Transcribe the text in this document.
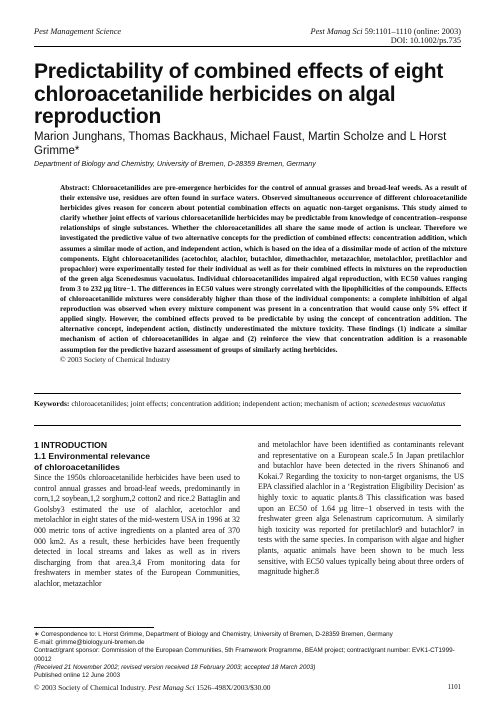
Pest Management Science	Pest Manag Sci 59:1101–1110 (online: 2003)
DOI: 10.1002/ps.735
Predictability of combined effects of eight chloroacetanilide herbicides on algal reproduction
Marion Junghans, Thomas Backhaus, Michael Faust, Martin Scholze and L Horst Grimme*
Department of Biology and Chemistry, University of Bremen, D-28359 Bremen, Germany
Abstract: Chloroacetanilides are pre-emergence herbicides for the control of annual grasses and broad-leaf weeds. As a result of their extensive use, residues are often found in surface waters. Observed simultaneous occurrence of different chloroacetanilide herbicides gives reason for concern about potential combination effects on aquatic non-target organisms. This study aimed to clarify whether joint effects of various chloroacetanilide herbicides may be predictable from knowledge of concentration–response relationships of single substances. Whether the chloroacetanilides all share the same mode of action is unclear. Therefore we investigated the predictive value of two alternative concepts for the prediction of combined effects: concentration addition, which assumes a similar mode of action, and independent action, which is based on the idea of a dissimilar mode of action of the mixture components. Eight chloroacetanilides (acetochlor, alachlor, butachlor, dimethachlor, metazachlor, metolachlor, pretilachlor and propachlor) were experimentally tested for their individual as well as for their combined effects in mixtures on the reproduction of the green alga Scenedesmus vacuolatus. Individual chloroacetanilides impaired algal reproduction, with EC50 values ranging from 3 to 232 µg litre−1. The differences in EC50 values were strongly correlated with the lipophilicities of the compounds. Effects of chloroacetanilide mixtures were considerably higher than those of the individual components: a complete inhibition of algal reproduction was observed when every mixture component was present in a concentration that would cause only 5% effect if applied singly. However, the combined effects proved to be predictable by using the concept of concentration addition. The alternative concept, independent action, distinctly underestimated the mixture toxicity. These findings (1) indicate a similar mechanism of action of chloroacetanilides in algae and (2) reinforce the view that concentration addition is a reasonable assumption for the predictive hazard assessment of groups of similarly acting herbicides.
© 2003 Society of Chemical Industry
Keywords: chloroacetanilides; joint effects; concentration addition; independent action; mechanism of action; scenedesmus vacuolatus

1 INTRODUCTION

1.1 Environmental relevance

of chloroacetanilides

Since the 1950s chloroacetanilide herbicides have been used to control annual grasses and broad-leaf weeds, predominantly in corn,1,2 soybean,1,2 sorghum,2 cotton2 and rice.2 Battaglin and Goolsby3 estimated the use of alachlor, acetochlor and metolachlor in eight states of the mid-western USA in 1996 at 32 000 metric tons of active ingredients on a planted area of 370 000 km2. As a result, these herbicides have been frequently detected in local streams and lakes as well as in rivers discharging from that area.3,4 From monitoring data for freshwaters in member states of the European Communities, alachlor, metazachlor

and metolachlor have been identified as contaminants relevant and representative on a European scale.5 In Japan pretilachlor and butachlor have been detected in the rivers Shinano6 and Kokai.7 Regarding the toxicity to non-target organisms, the US EPA classified alachlor in a ‘Registration Eligibility Decision’ as highly toxic to aquatic plants.8 This classification was based upon an EC50 of 1.64 µg litre−1 observed in tests with the freshwater green alga Selenastrum capricornutum. A similarly high toxicity was reported for pretilachlor9 and butachlor7 in tests with the same species. In comparison with algae and higher plants, aquatic animals have been shown to be much less sensitive, with EC50 values typically being about three orders of magnitude higher.8

∗ Correspondence to: L Horst Grimme, Department of Biology and Chemistry, University of Bremen, D-28359 Bremen, Germany
E-mail: grimme@biology.uni-bremen.de
Contract/grant sponsor: Commission of the European Communities, 5th Framework Programme, BEAM project; contract/grant number: EVK1-CT1999-00012
(Received 21 November 2002; revised version received 18 February 2003; accepted 18 March 2003)
Published online 12 June 2003
© 2003 Society of Chemical Industry. Pest Manag Sci 1526–498X/2003/$30.00	1101
